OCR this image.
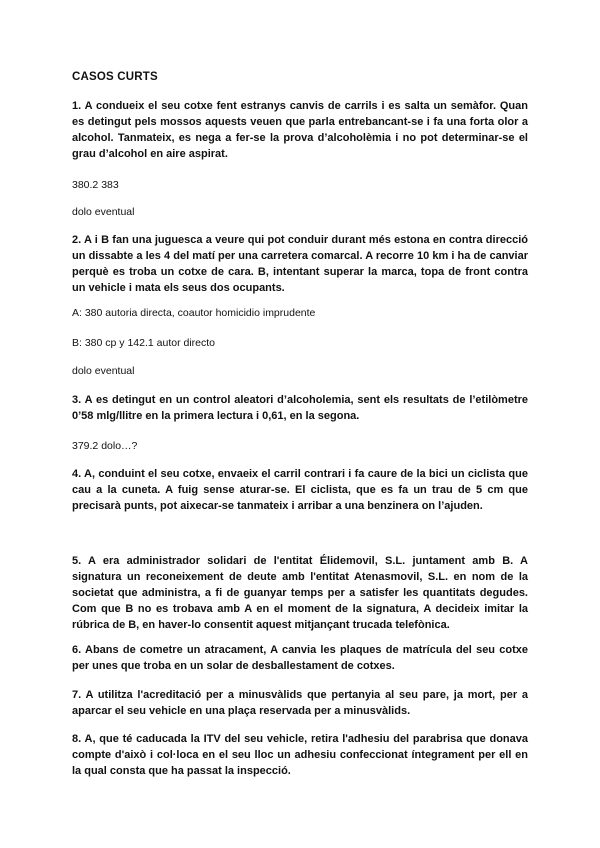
CASOS CURTS

1. A condueix el seu cotxe fent estranys canvis de carrils i es salta un semàfor. Quan es detingut pels mossos aquests veuen que parla entrebancant-se i fa una forta olor a alcohol. Tanmateix, es nega a fer-se la prova d’alcoholèmia i no pot determinar-se el grau d’alcohol en aire aspirat.

380.2 383

dolo eventual

2. A i B fan una juguesca a veure qui pot conduir durant més estona en contra direcció un dissabte a les 4 del matí per una carretera comarcal. A recorre 10 km i ha de canviar perquè es troba un cotxe de cara. B, intentant superar la marca, topa de front contra un vehicle i mata els seus dos ocupants.

A: 380 autoria directa, coautor homicidio imprudente

B: 380 cp y 142.1 autor directo

dolo eventual

3. A es detingut en un control aleatori d’alcoholemia, sent els resultats de l’etilòmetre 0’58 mlg/llitre en la primera lectura i 0,61, en la segona.

379.2 dolo…?

4. A, conduint el seu cotxe, envaeix el carril contrari i fa caure de la bici un ciclista que cau a la cuneta. A fuig sense aturar-se. El ciclista, que es fa un trau de 5 cm que precisarà punts, pot aixecar-se tanmateix i arribar a una benzinera on l’ajuden.

5. A era administrador solidari de l'entitat Élidemovil, S.L. juntament amb B. A signatura un reconeixement de deute amb l'entitat Atenasmovil, S.L. en nom de la societat que administra, a fi de guanyar temps per a satisfer les quantitats degudes. Com que B no es trobava amb A en el moment de la signatura, A decideix imitar la rúbrica de B, en haver-lo consentit aquest mitjançant trucada telefònica.

6. Abans de cometre un atracament, A canvia les plaques de matrícula del seu cotxe per unes que troba en un solar de desballestament de cotxes.

7. A utilitza l'acreditació per a minusvàlids que pertanyia al seu pare, ja mort, per a aparcar el seu vehicle en una plaça reservada per a minusvàlids.

8. A, que té caducada la ITV del seu vehicle, retira l'adhesiu del parabrisa que donava compte d'això i col·loca en el seu lloc un adhesiu confeccionat íntegrament per ell en la qual consta que ha passat la inspecció.
